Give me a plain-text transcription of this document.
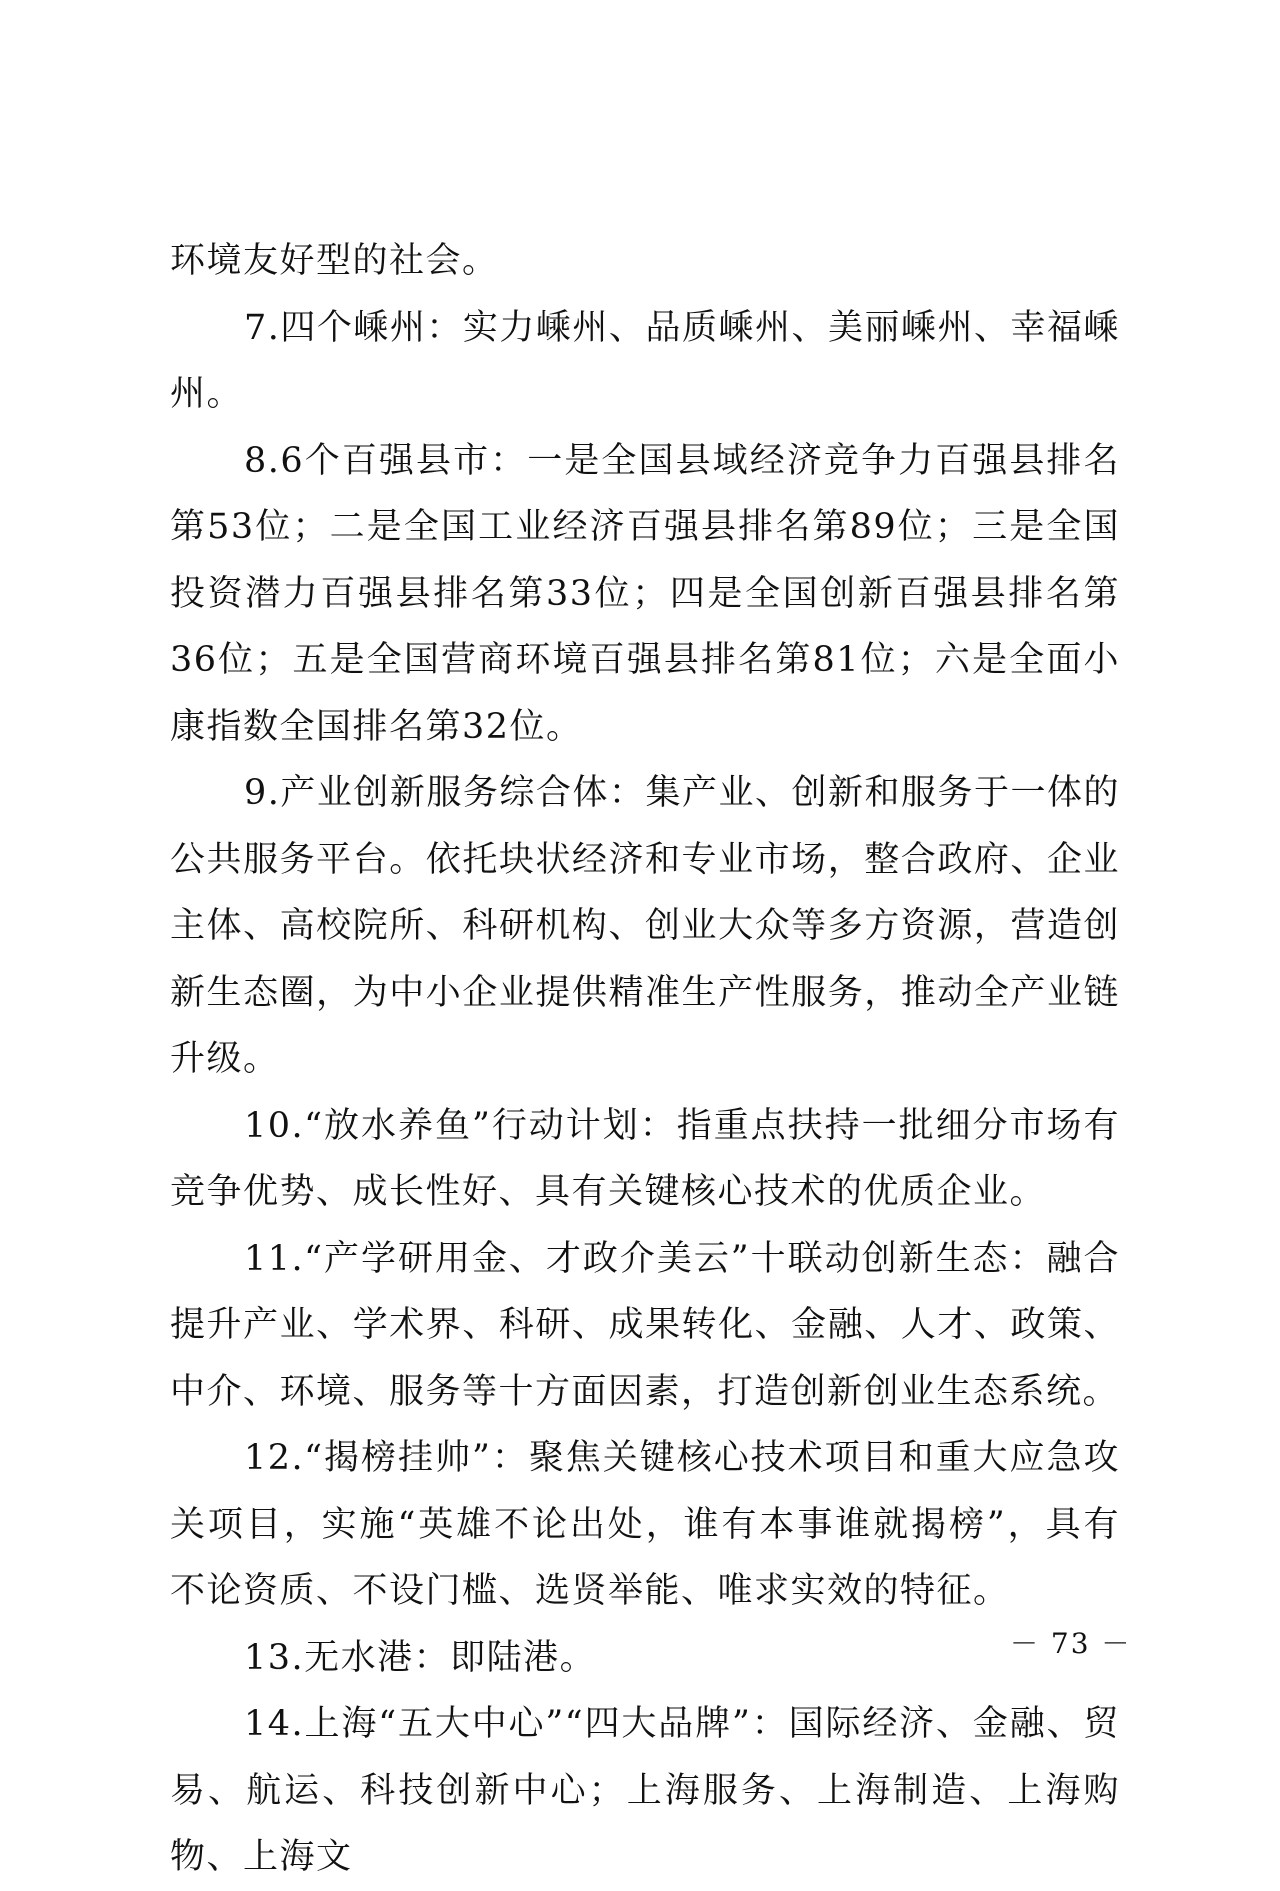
环境友好型的社会。

7.四个嵊州：实力嵊州、品质嵊州、美丽嵊州、幸福嵊州。

8.6个百强县市：一是全国县域经济竞争力百强县排名第53位；二是全国工业经济百强县排名第89位；三是全国投资潜力百强县排名第33位；四是全国创新百强县排名第36位；五是全国营商环境百强县排名第81位；六是全面小康指数全国排名第32位。

9.产业创新服务综合体：集产业、创新和服务于一体的公共服务平台。依托块状经济和专业市场，整合政府、企业主体、高校院所、科研机构、创业大众等多方资源，营造创新生态圈，为中小企业提供精准生产性服务，推动全产业链升级。

10.“放水养鱼”行动计划：指重点扶持一批细分市场有竞争优势、成长性好、具有关键核心技术的优质企业。

11.“产学研用金、才政介美云”十联动创新生态：融合提升产业、学术界、科研、成果转化、金融、人才、政策、中介、环境、服务等十方面因素，打造创新创业生态系统。

12.“揭榜挂帅”：聚焦关键核心技术项目和重大应急攻关项目，实施“英雄不论出处，谁有本事谁就揭榜”，具有不论资质、不设门槛、选贤举能、唯求实效的特征。

13.无水港：即陆港。

14.上海“五大中心”“四大品牌”：国际经济、金融、贸易、航运、科技创新中心；上海服务、上海制造、上海购物、上海文

－ 73 －
